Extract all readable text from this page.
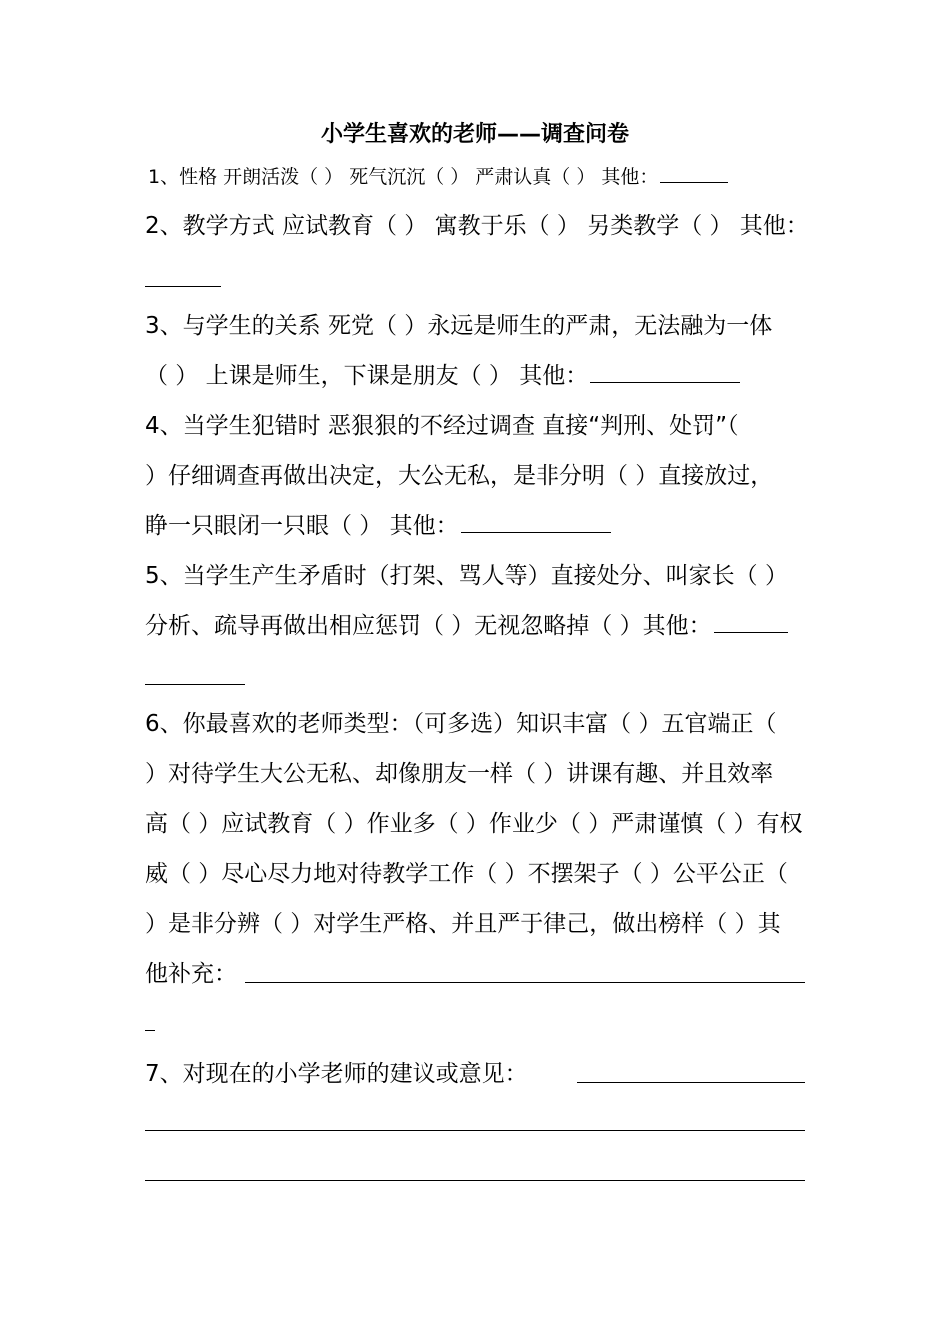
小学生喜欢的老师——调查问卷
1、性格 开朗活泼（ ） 死气沉沉（ ） 严肃认真（ ） 其他：
2、教学方式 应试教育（ ） 寓教于乐（ ） 另类教学（ ） 其他：
3、与学生的关系 死党（ ）永远是师生的严肃，无法融为一体
（ ） 上课是师生，下课是朋友（ ） 其他：
4、当学生犯错时 恶狠狠的不经过调查 直接“判刑、处罚”（
）仔细调查再做出决定，大公无私，是非分明（ ）直接放过，
睁一只眼闭一只眼（ ） 其他：
5、当学生产生矛盾时（打架、骂人等）直接处分、叫家长（ ）
分析、疏导再做出相应惩罚（ ）无视忽略掉（ ）其他：
6、你最喜欢的老师类型：（可多选）知识丰富（ ）五官端正（
）对待学生大公无私、却像朋友一样（ ）讲课有趣、并且效率
高（ ）应试教育（ ）作业多（ ）作业少（ ）严肃谨慎（ ）有权
威（ ）尽心尽力地对待教学工作（ ）不摆架子（ ）公平公正（
）是非分辨（ ）对学生严格、并且严于律己，做出榜样（ ）其
他补充：
7、对现在的小学老师的建议或意见：
